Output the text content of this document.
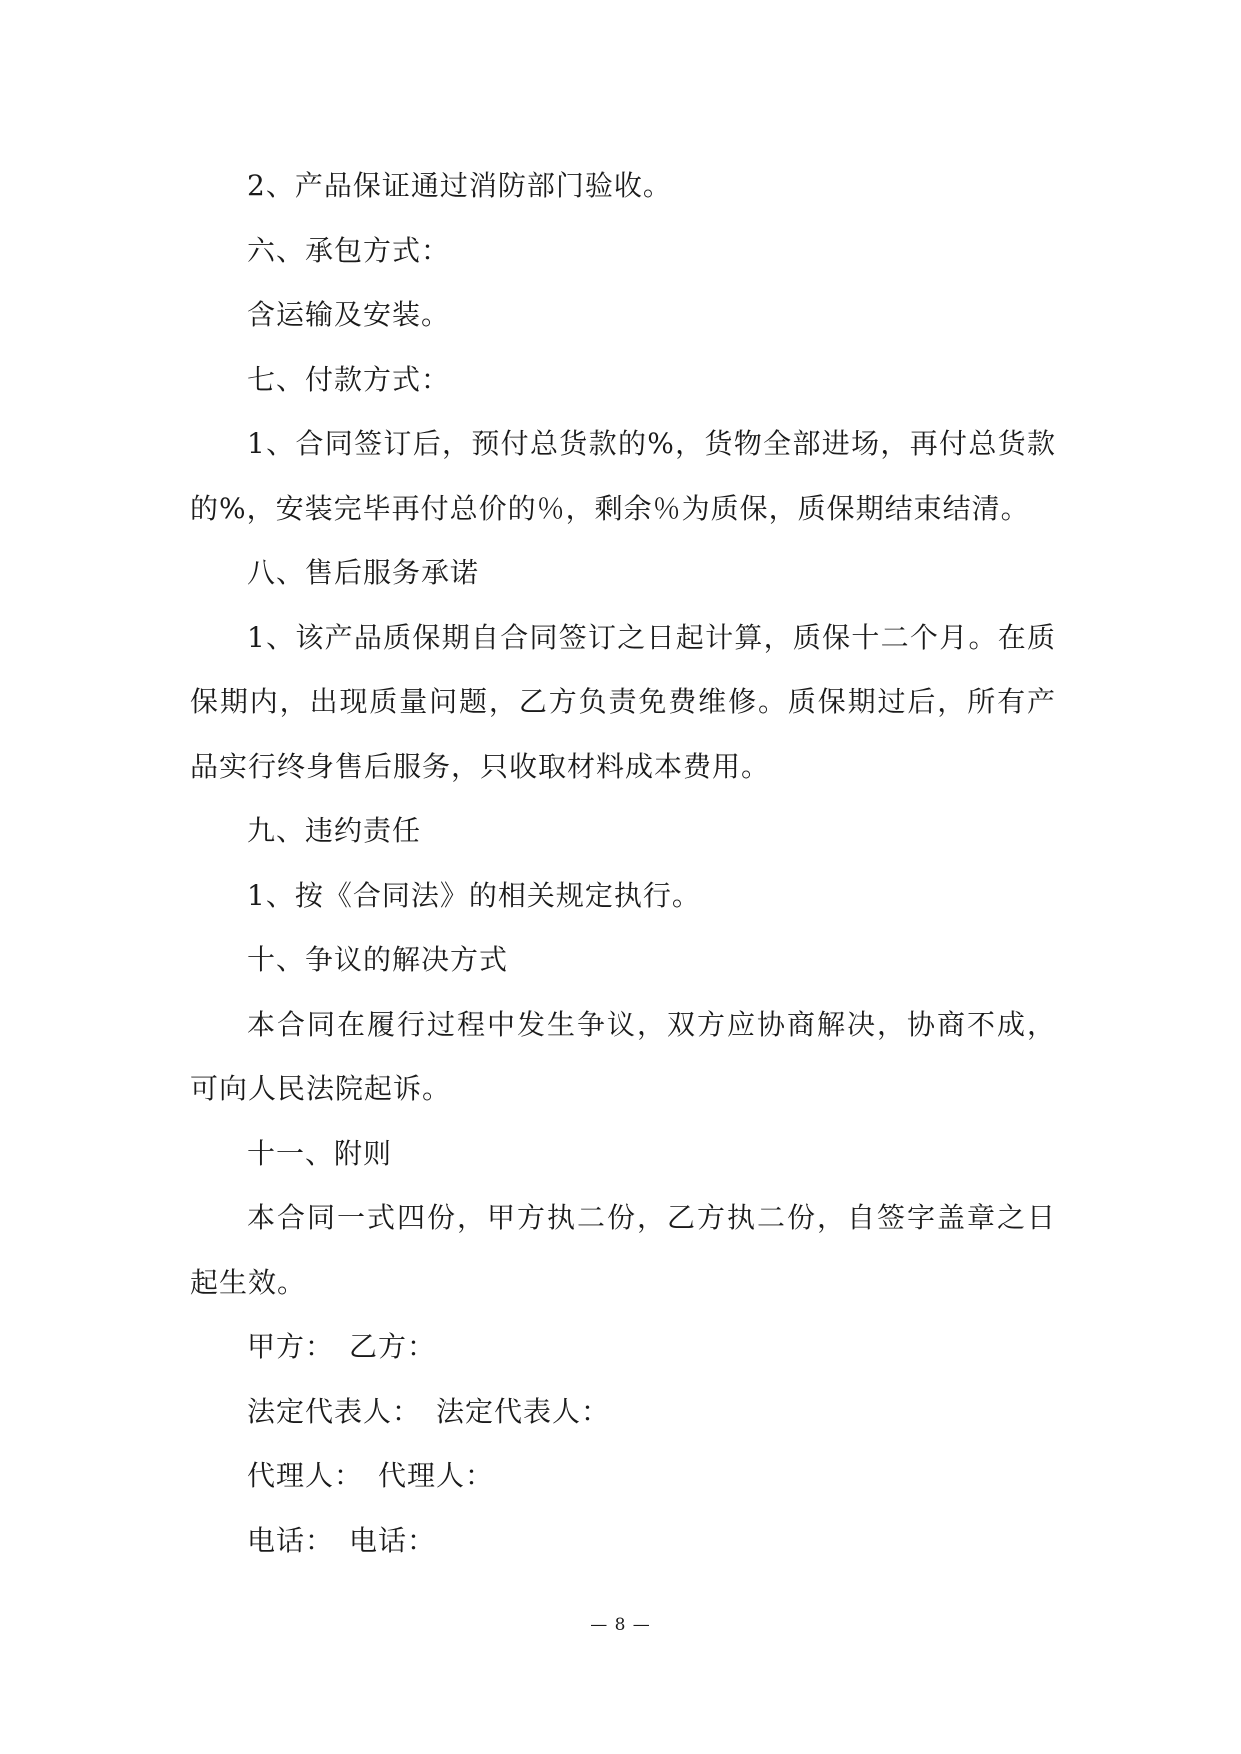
2、产品保证通过消防部门验收。

六、承包方式：

含运输及安装。

七、付款方式：

1、合同签订后，预付总货款的%，货物全部进场，再付总货款的%，安装完毕再付总价的％，剩余％为质保，质保期结束结清。

八、售后服务承诺

1、该产品质保期自合同签订之日起计算，质保十二个月。在质保期内，出现质量问题，乙方负责免费维修。质保期过后，所有产品实行终身售后服务，只收取材料成本费用。

九、违约责任

1、按《合同法》的相关规定执行。

十、争议的解决方式

本合同在履行过程中发生争议，双方应协商解决，协商不成，可向人民法院起诉。

十一、附则

本合同一式四份，甲方执二份，乙方执二份，自签字盖章之日起生效。

甲方：　乙方：

法定代表人：　法定代表人：

代理人：　代理人：

电话：　电话：

— 8 —
